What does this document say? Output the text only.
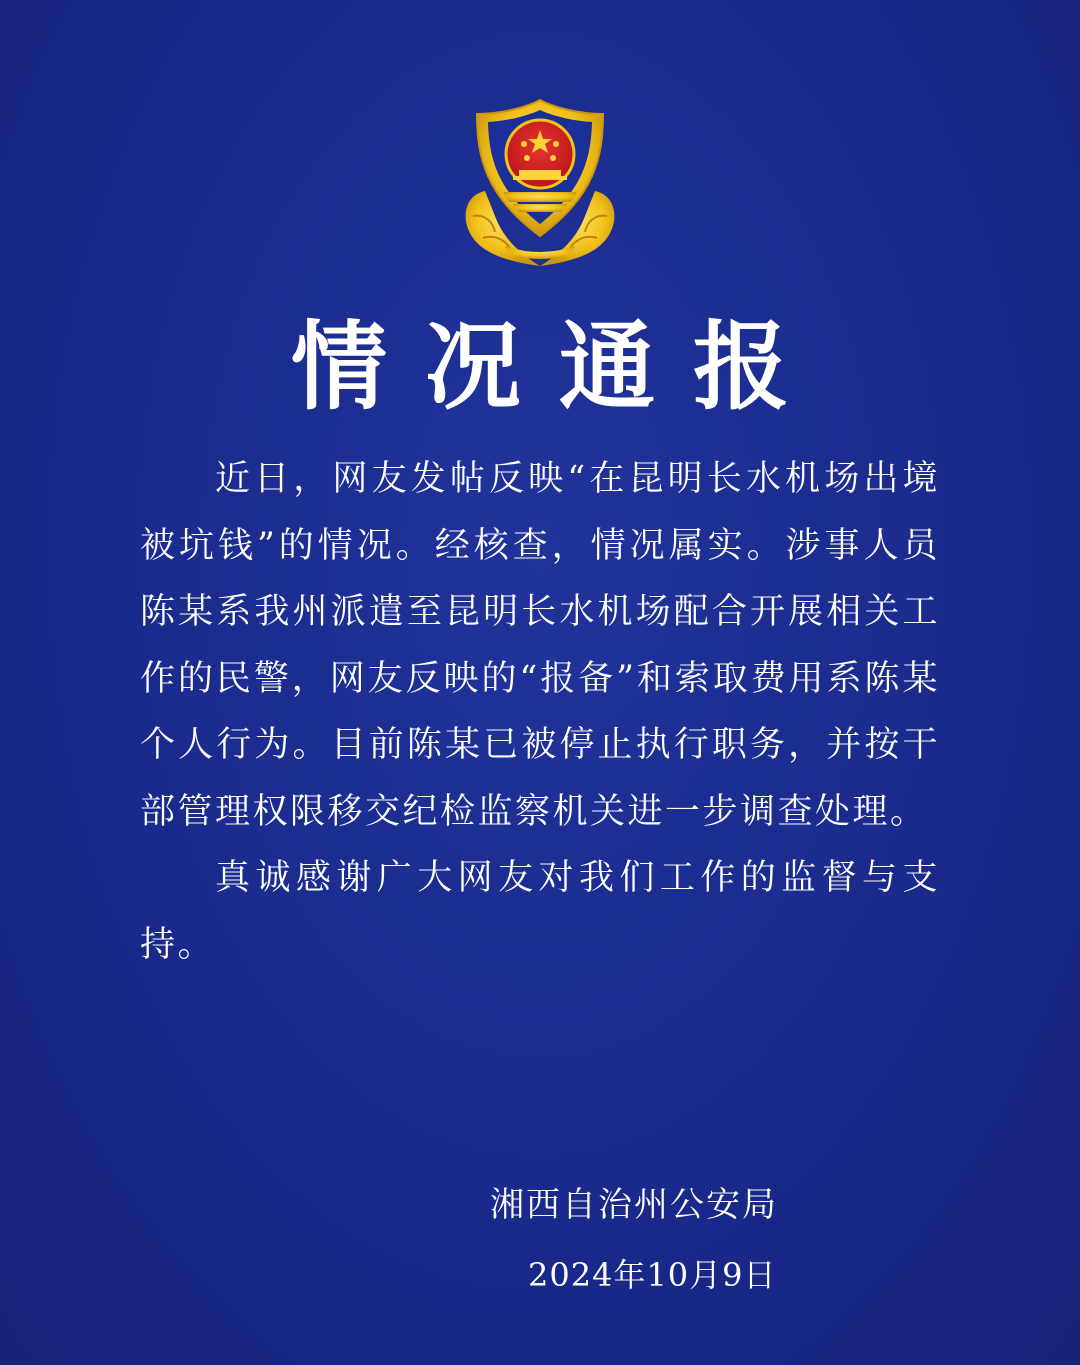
情况通报

近日，网友发帖反映“在昆明长水机场出境被坑钱”的情况。经核查，情况属实。涉事人员陈某系我州派遣至昆明长水机场配合开展相关工作的民警，网友反映的“报备”和索取费用系陈某个人行为。目前陈某已被停止执行职务，并按干部管理权限移交纪检监察机关进一步调查处理。

真诚感谢广大网友对我们工作的监督与支持。

湘西自治州公安局
2024年10月9日
